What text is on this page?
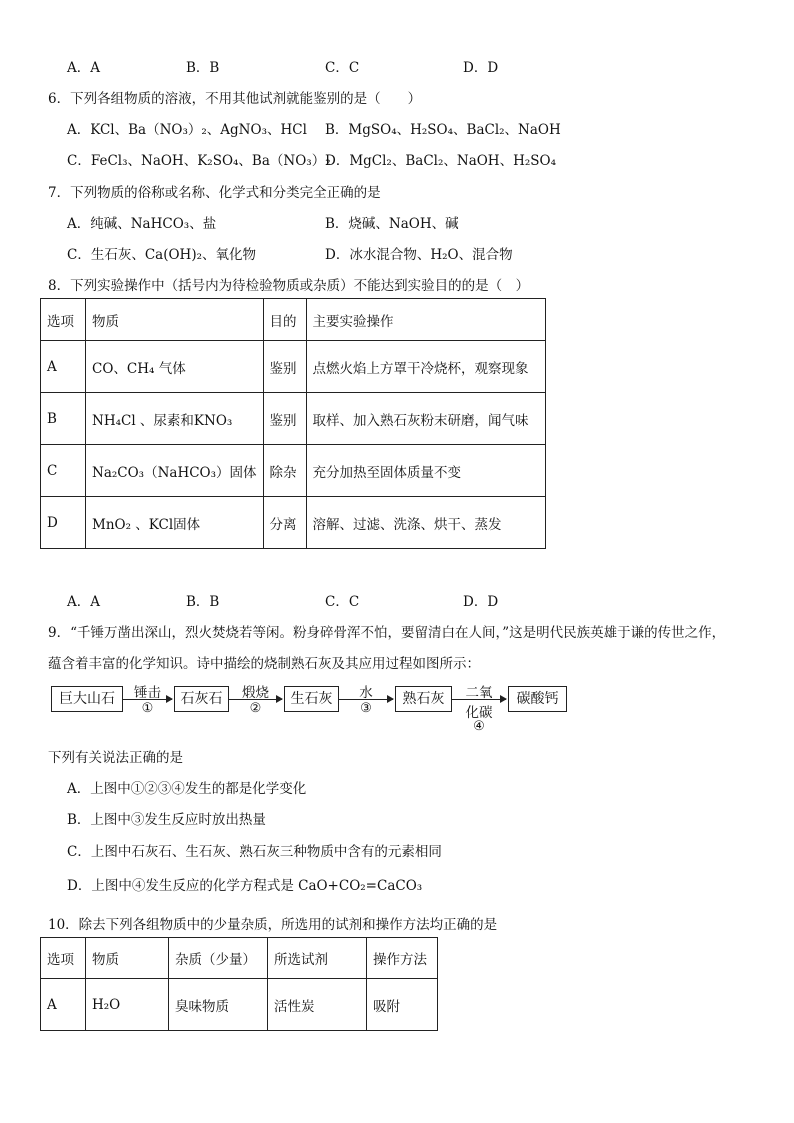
A．A	B．B	C．C	D．D
6．下列各组物质的溶液，不用其他试剂就能鉴别的是（　　）
A．KCl、Ba（NO₃）₂、AgNO₃、HCl B．MgSO₄、H₂SO₄、BaCl₂、NaOH
C．FeCl₃、NaOH、K₂SO₄、Ba（NO₃）₂
D．MgCl₂、BaCl₂、NaOH、H₂SO₄
7．下列物质的俗称或名称、化学式和分类完全正确的是
A．纯碱、NaHCO₃、盐	B．烧碱、NaOH、碱
C．生石灰、Ca(OH)₂、氧化物	D．冰水混合物、H₂O、混合物
8．下列实验操作中（括号内为待检验物质或杂质）不能达到实验目的的是（　）
选项	物质	目的	主要实验操作
A	CO、CH₄ 气体	鉴别	点燃火焰上方罩干冷烧杯，观察现象
B	NH₄Cl 、尿素和KNO₃	鉴别	取样、加入熟石灰粉末研磨，闻气味
C	Na₂CO₃（NaHCO₃）固体	除杂	充分加热至固体质量不变
D	MnO₂ 、KCl固体	分离	溶解、过滤、洗涤、烘干、蒸发
A．A	B．B	C．C	D．D
9．“千锤万凿出深山，烈火焚烧若等闲。粉身碎骨浑不怕，要留清白在人间，”这是明代民族英雄于谦的传世之作，
蕴含着丰富的化学知识。诗中描绘的烧制熟石灰及其应用过程如图所示：
巨大山石	石灰石	生石灰	熟石灰	碳酸钙
锤击
①
煅烧
②
水
③
二氧
化碳
④
下列有关说法正确的是
A．上图中①②③④发生的都是化学变化
B．上图中③发生反应时放出热量
C．上图中石灰石、生石灰、熟石灰三种物质中含有的元素相同
D．上图中④发生反应的化学方程式是 CaO+CO₂=CaCO₃
10．除去下列各组物质中的少量杂质，所选用的试剂和操作方法均正确的是
选项	物质	杂质（少量）	所选试剂	操作方法
A	H₂O	臭味物质	活性炭	吸附
